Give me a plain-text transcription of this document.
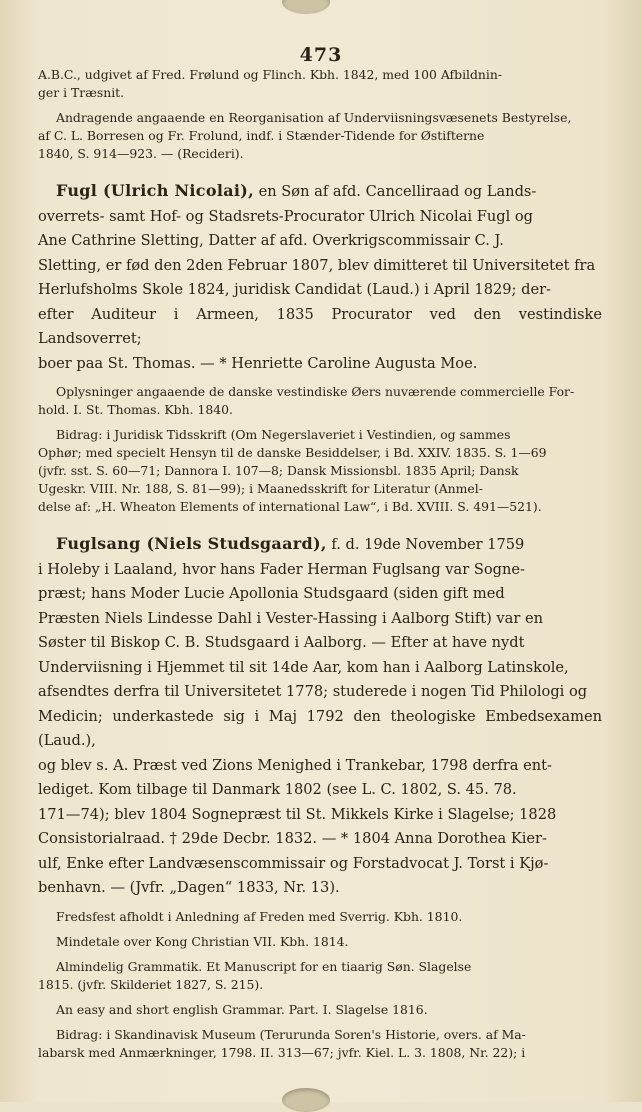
473

A.B.C., udgivet af Fred. Frølund og Flinch. Kbh. 1842, med 100 Afbildnin-
ger i Træsnit.

Andragende angaaende en Reorganisation af Underviisningsvæsenets Bestyrelse,
af C. L. Borresen og Fr. Frolund, indf. i Stænder-Tidende for Østifterne
1840, S. 914—923. — (Recideri).

Fugl (Ulrich Nicolai), en Søn af afd. Cancelliraad og Lands-
overrets- samt Hof- og Stadsrets-Procurator Ulrich Nicolai Fugl og
Ane Cathrine Sletting, Datter af afd. Overkrigscommissair C. J.
Sletting, er fød den 2den Februar 1807, blev dimitteret til Universitetet fra
Herlufsholms Skole 1824, juridisk Candidat (Laud.) i April 1829; der-
efter Auditeur i Armeen, 1835 Procurator ved den vestindiske Landsoverret;
boer paa St. Thomas. — * Henriette Caroline Augusta Moe.

Oplysninger angaaende de danske vestindiske Øers nuværende commercielle For-
hold. I. St. Thomas. Kbh. 1840.

Bidrag: i Juridisk Tidsskrift (Om Negerslaveriet i Vestindien, og sammes
Ophør; med specielt Hensyn til de danske Besiddelser, i Bd. XXIV. 1835. S. 1—69
(jvfr. sst. S. 60—71; Dannora I. 107—8; Dansk Missionsbl. 1835 April; Dansk
Ugeskr. VIII. Nr. 188, S. 81—99); i Maanedsskrift for Literatur (Anmel-
delse af: „H. Wheaton Elements of international Law“, i Bd. XVIII. S. 491—521).

Fuglsang (Niels Studsgaard), f. d. 19de November 1759
i Holeby i Laaland, hvor hans Fader Herman Fuglsang var Sogne-
præst; hans Moder Lucie Apollonia Studsgaard (siden gift med
Præsten Niels Lindesse Dahl i Vester-Hassing i Aalborg Stift) var en
Søster til Biskop C. B. Studsgaard i Aalborg. — Efter at have nydt
Underviisning i Hjemmet til sit 14de Aar, kom han i Aalborg Latinskole,
afsendtes derfra til Universitetet 1778; studerede i nogen Tid Philologi og
Medicin; underkastede sig i Maj 1792 den theologiske Embedsexamen (Laud.),
og blev s. A. Præst ved Zions Menighed i Trankebar, 1798 derfra ent-
lediget. Kom tilbage til Danmark 1802 (see L. C. 1802, S. 45. 78.
171—74); blev 1804 Sognepræst til St. Mikkels Kirke i Slagelse; 1828
Consistorialraad. † 29de Decbr. 1832. — * 1804 Anna Dorothea Kier-
ulf, Enke efter Landvæsenscommissair og Forstadvocat J. Torst i Kjø-
benhavn. — (Jvfr. „Dagen“ 1833, Nr. 13).

Fredsfest afholdt i Anledning af Freden med Sverrig. Kbh. 1810.

Mindetale over Kong Christian VII. Kbh. 1814.

Almindelig Grammatik. Et Manuscript for en tiaarig Søn. Slagelse
1815. (jvfr. Skilderiet 1827, S. 215).

An easy and short english Grammar. Part. I. Slagelse 1816.

Bidrag: i Skandinavisk Museum (Terurunda Soren's Historie, overs. af Ma-
labarsk med Anmærkninger, 1798. II. 313—67; jvfr. Kiel. L. 3. 1808, Nr. 22); i
